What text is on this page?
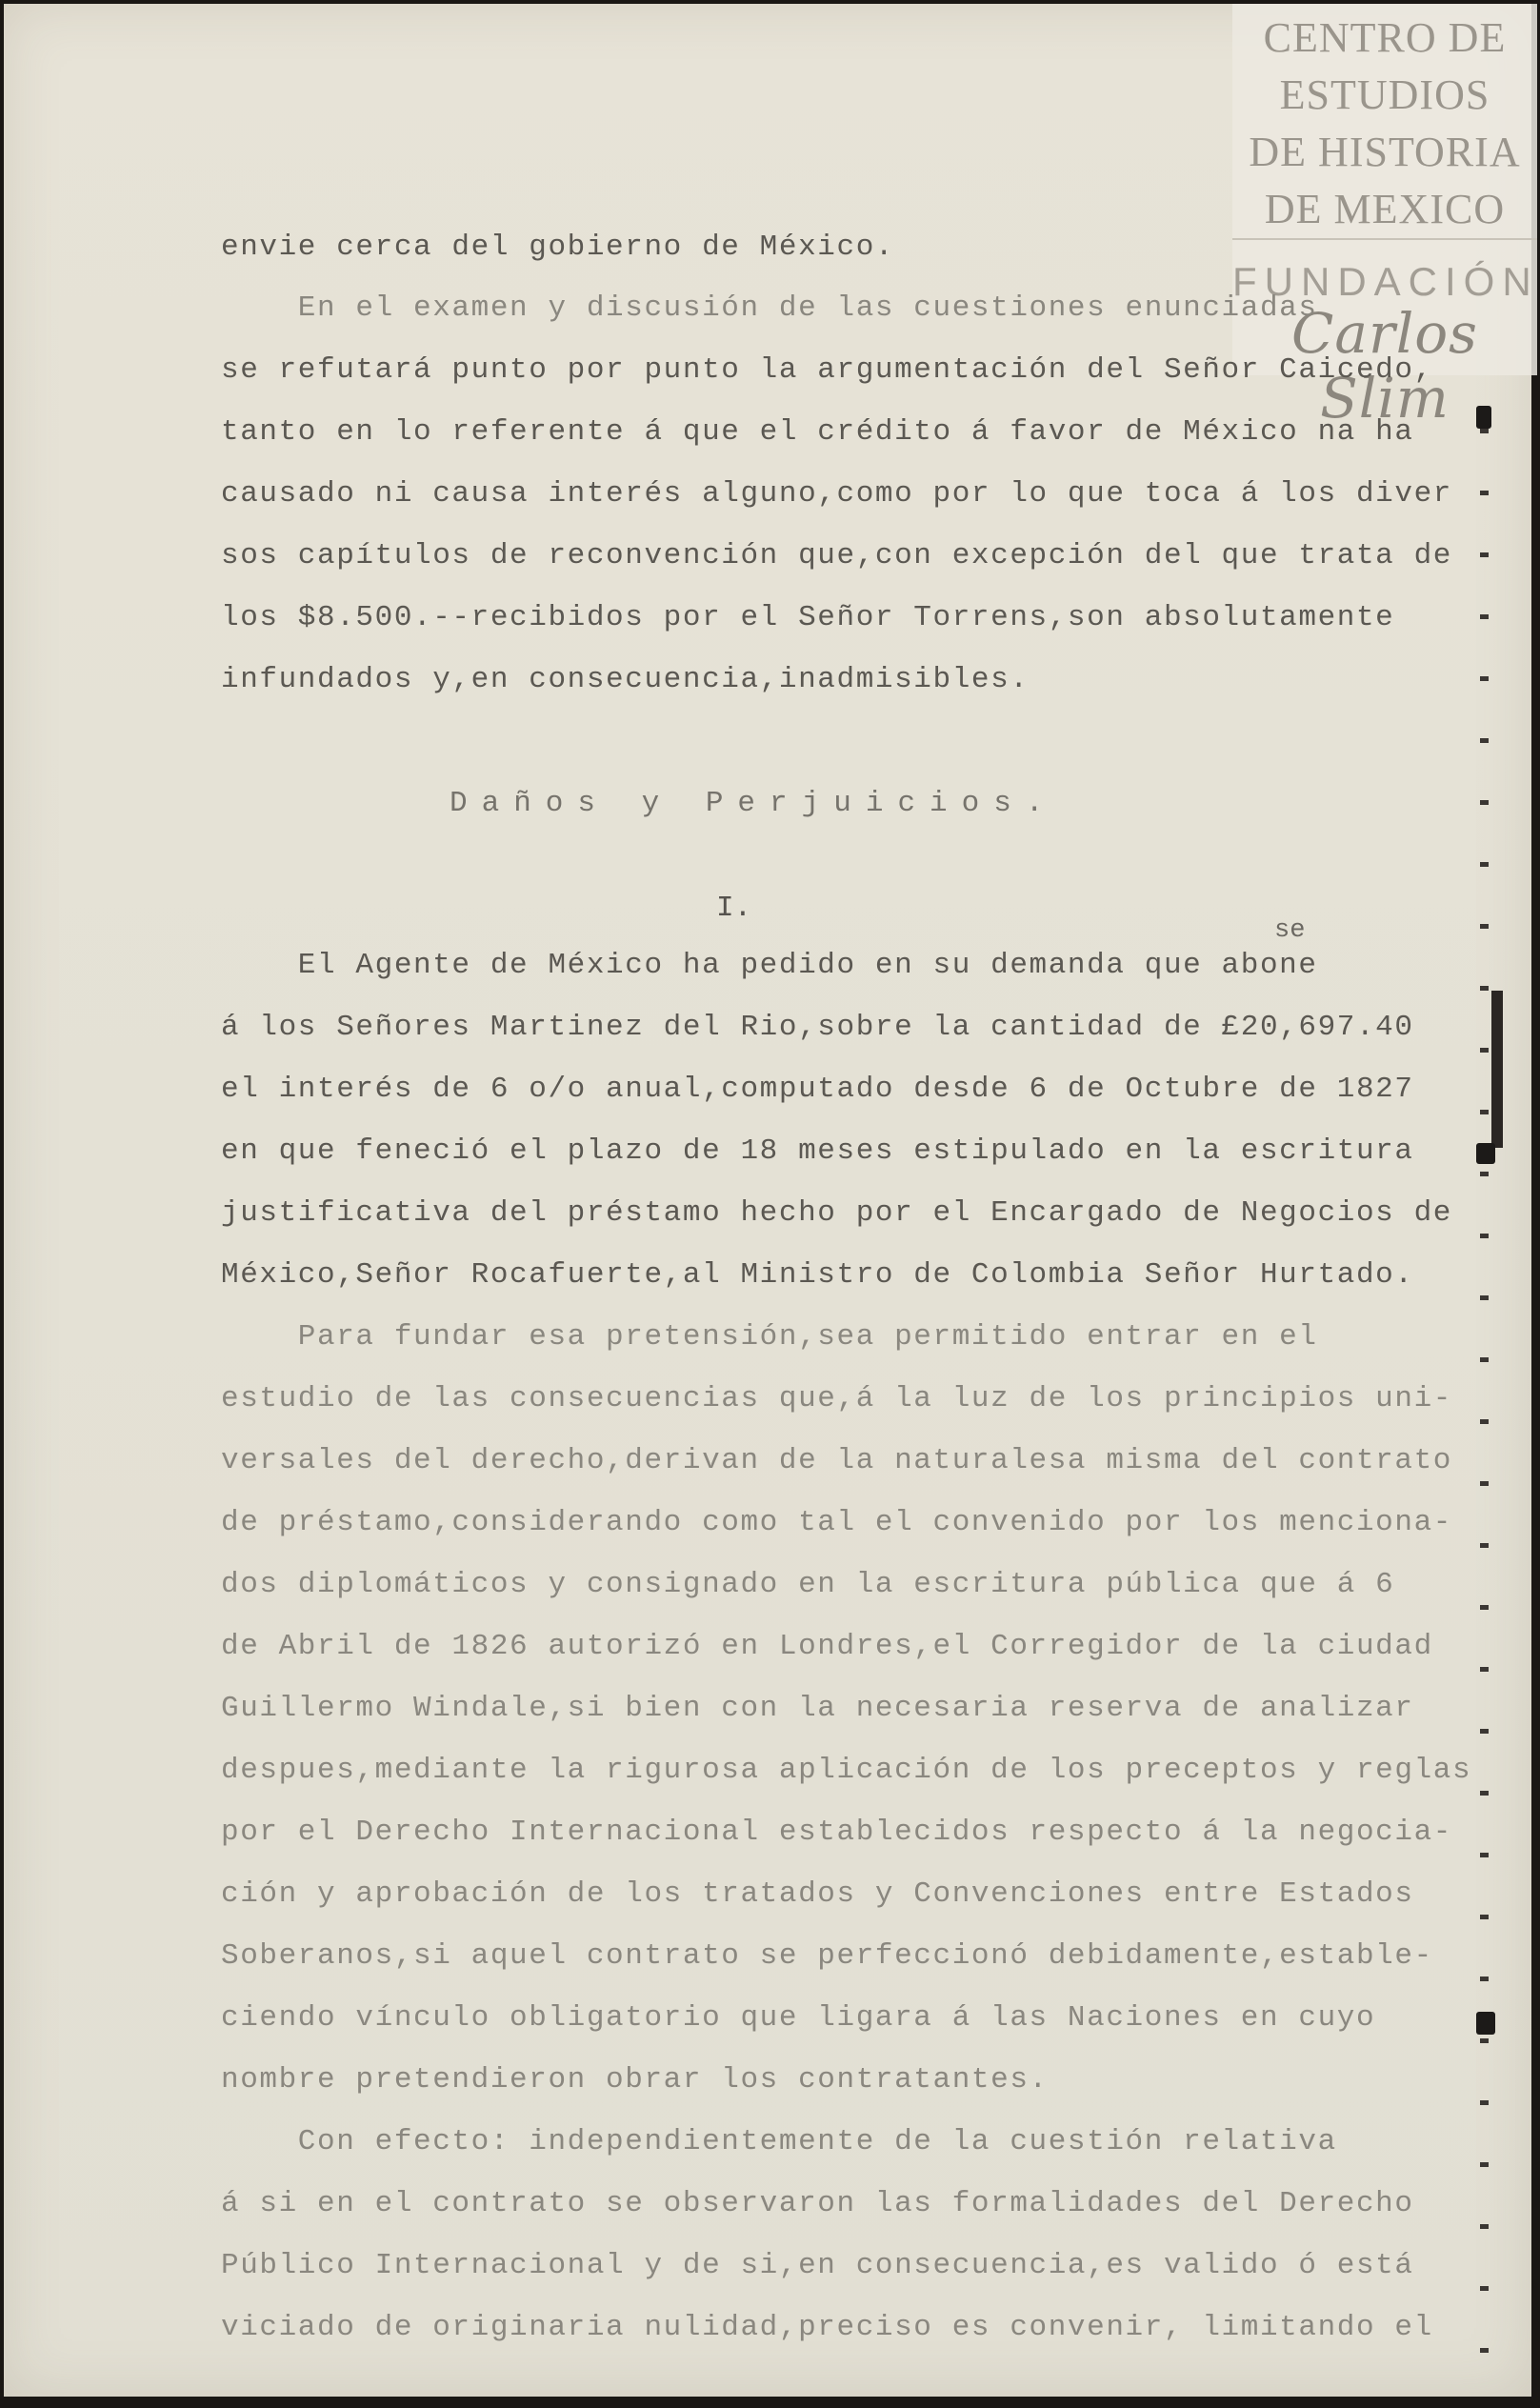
CENTRO DE
ESTUDIOS
DE HISTORIA
DE MEXICO
FUNDACIÓN
Carlos Slim
envie cerca del gobierno de México.
En el examen y discusión de las cuestiones enunciadas
se refutará punto por punto la argumentación del Señor Caicedo,
tanto en lo referente á que el crédito á favor de México na ha
causado ni causa interés alguno,como por lo que toca á los diver
sos capítulos de reconvención que,con excepción del que trata de
los $8.500.--recibidos por el Señor Torrens,son absolutamente
infundados y,en consecuencia,inadmisibles.
Daños y Perjuicios.
I.
se
El Agente de México ha pedido en su demanda que abone
á los Señores Martinez del Rio,sobre la cantidad de £20,697.40
el interés de 6 o/o anual,computado desde 6 de Octubre de 1827
en que feneció el plazo de 18 meses estipulado en la escritura
justificativa del préstamo hecho por el Encargado de Negocios de
México,Señor Rocafuerte,al Ministro de Colombia Señor Hurtado.
Para fundar esa pretensión,sea permitido entrar en el
estudio de las consecuencias que,á la luz de los principios uni-
versales del derecho,derivan de la naturalesa misma del contrato
de préstamo,considerando como tal el convenido por los menciona-
dos diplomáticos y consignado en la escritura pública que á 6
de Abril de 1826 autorizó en Londres,el Corregidor de la ciudad
Guillermo Windale,si bien con la necesaria reserva de analizar
despues,mediante la rigurosa aplicación de los preceptos y reglas
por el Derecho Internacional establecidos respecto á la negocia-
ción y aprobación de los tratados y Convenciones entre Estados
Soberanos,si aquel contrato se perfeccionó debidamente,estable-
ciendo vínculo obligatorio que ligara á las Naciones en cuyo
nombre pretendieron obrar los contratantes.
Con efecto: independientemente de la cuestión relativa
á si en el contrato se observaron las formalidades del Derecho
Público Internacional y de si,en consecuencia,es valido ó está
viciado de originaria nulidad,preciso es convenir, limitando el
